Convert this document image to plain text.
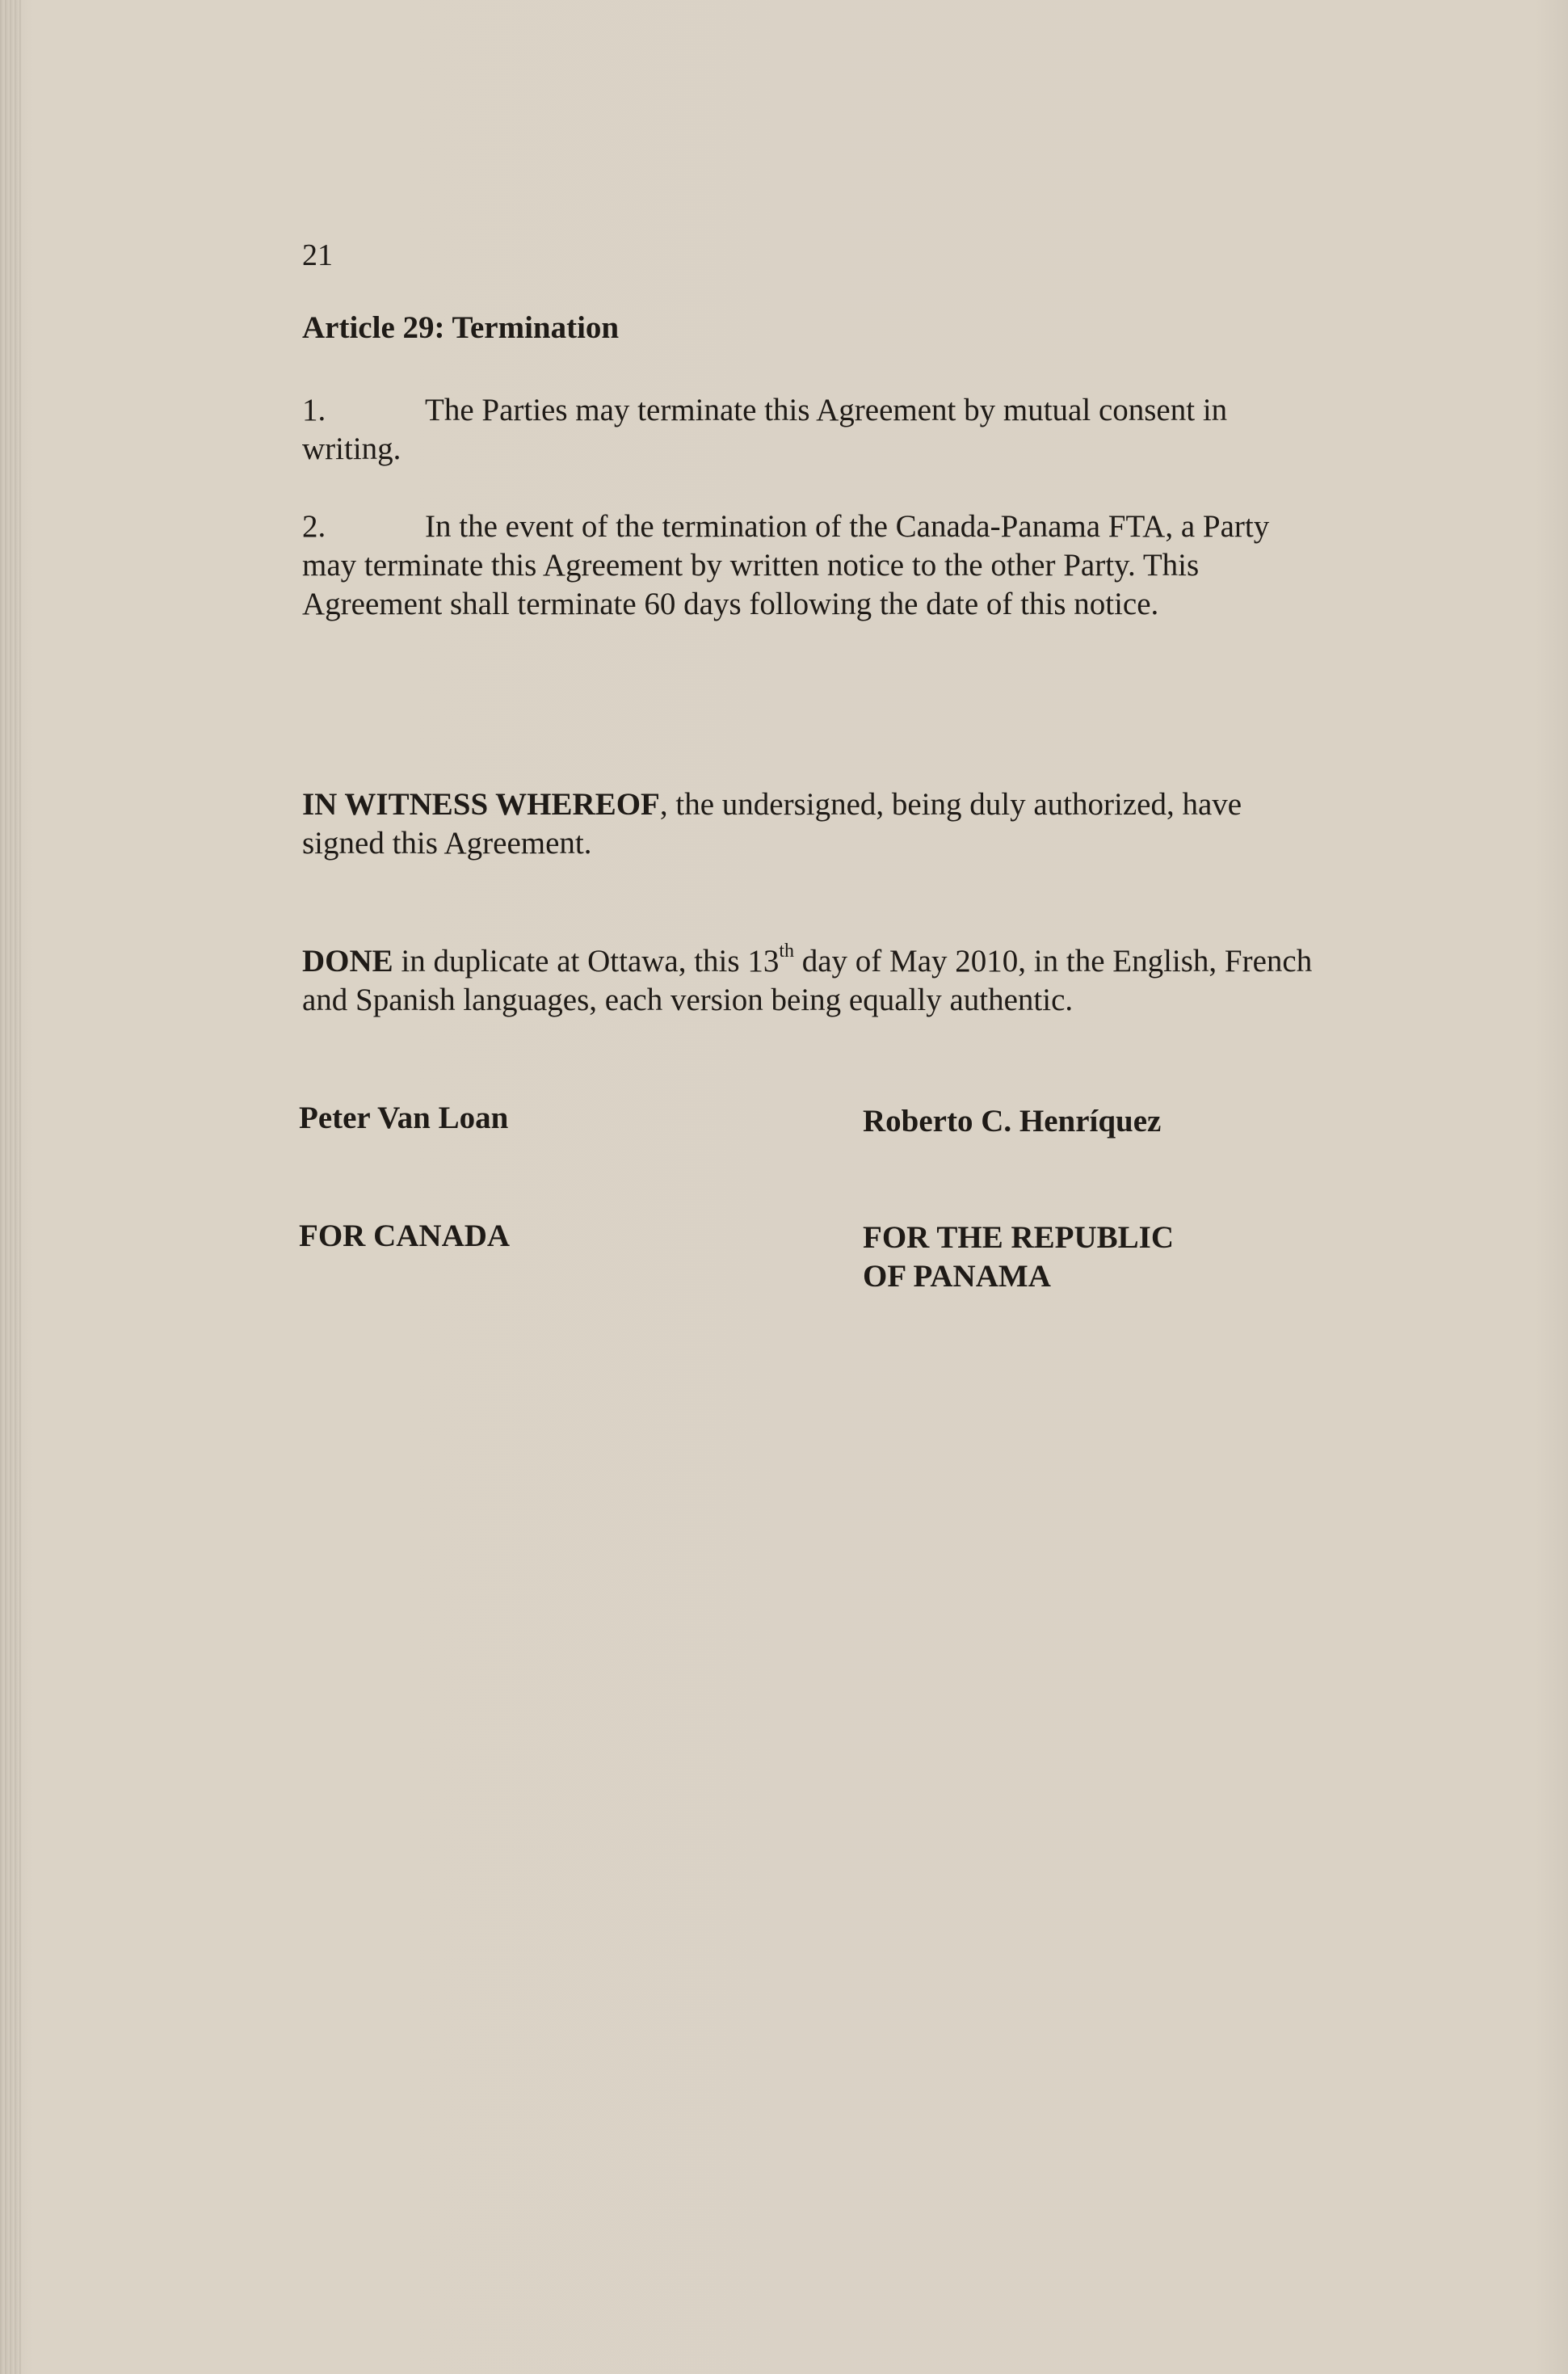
21
Article 29: Termination
1.	The Parties may terminate this Agreement by mutual consent in
writing.
2.	In the event of the termination of the Canada-Panama FTA, a Party
may terminate this Agreement by written notice to the other Party. This
Agreement shall terminate 60 days following the date of this notice.
IN WITNESS WHEREOF, the undersigned, being duly authorized, have
signed this Agreement.
DONE in duplicate at Ottawa, this 13th day of May 2010, in the English, French
and Spanish languages, each version being equally authentic.
Peter Van Loan	Roberto C. Henríquez
FOR CANADA	FOR THE REPUBLIC
OF PANAMA
